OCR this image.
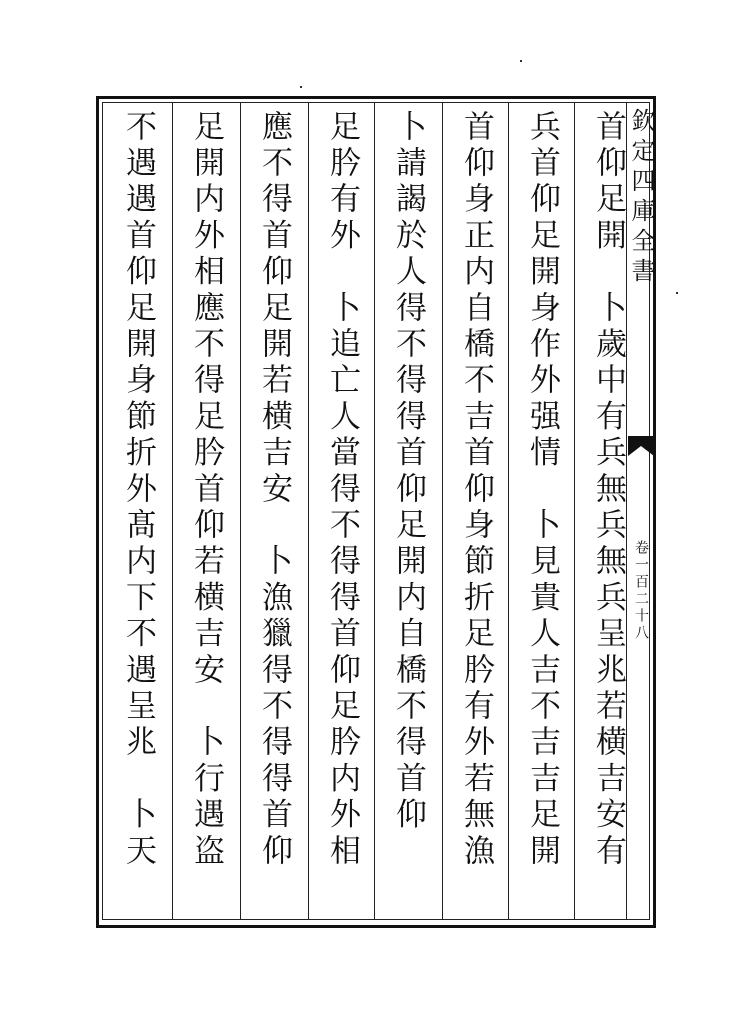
首仰足開　卜歲中有兵無兵無兵呈兆若横吉安有
兵首仰足開身作外强情　卜見貴人吉不吉吉足開
首仰身正内自橋不吉首仰身節折足肣有外若無漁
卜請謁於人得不得得首仰足開内自橋不得首仰
足肣有外　卜追亡人當得不得得首仰足肣内外相
應不得首仰足開若横吉安　卜漁獵得不得得首仰
足開内外相應不得足肣首仰若横吉安　卜行遇盗
不遇遇首仰足開身節折外髙内下不遇呈兆　卜天	欽定四庫全書
卷一百二十八
